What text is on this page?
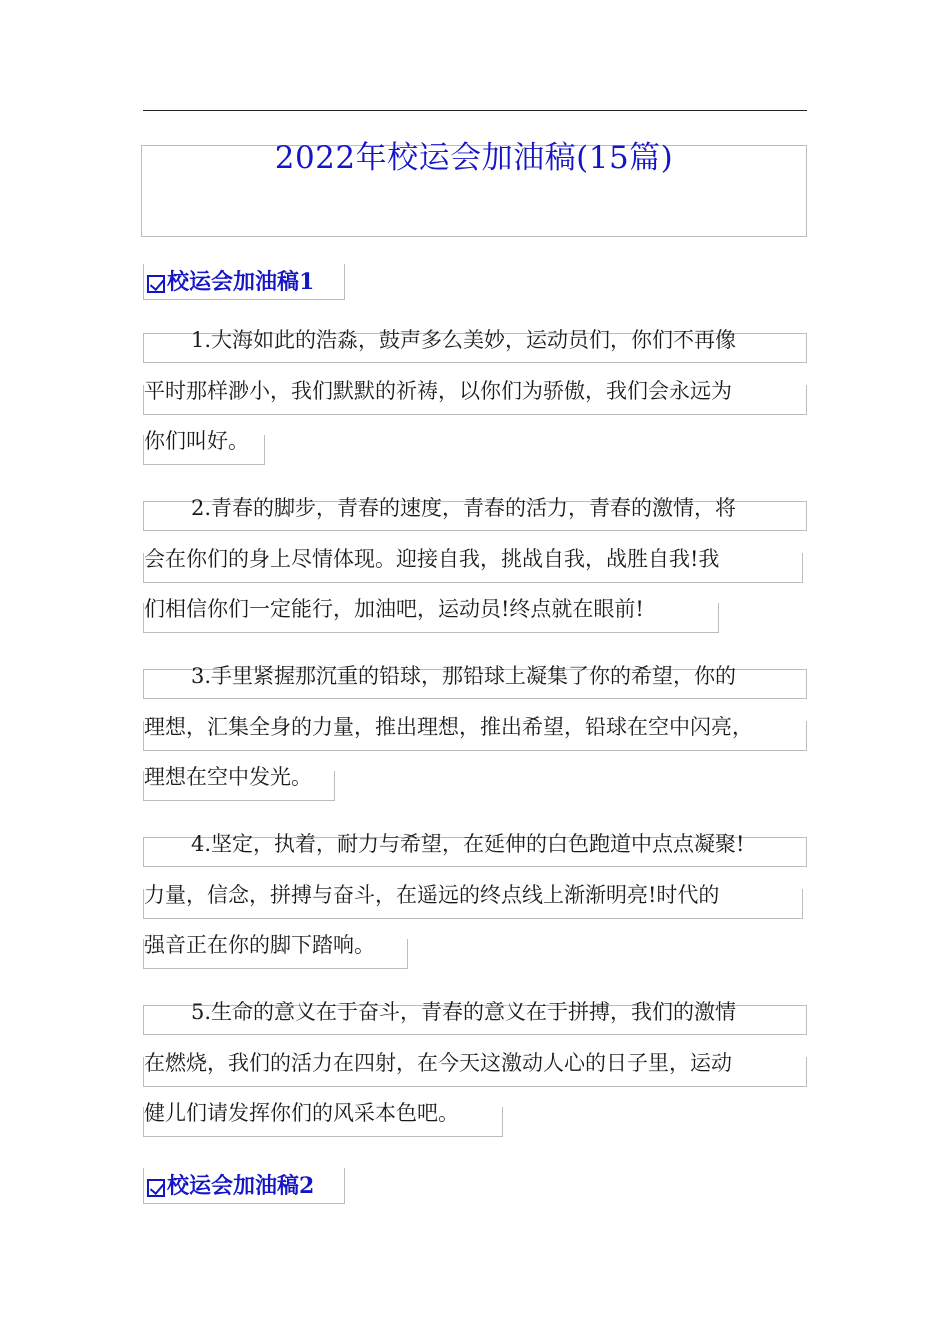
2022年校运会加油稿(15篇)
校运会加油稿1
1.大海如此的浩淼，鼓声多么美妙，运动员们，你们不再像
平时那样渺小，我们默默的祈祷，以你们为骄傲，我们会永远为
你们叫好。
2.青春的脚步，青春的速度，青春的活力，青春的激情，将
会在你们的身上尽情体现。迎接自我，挑战自我，战胜自我!我
们相信你们一定能行，加油吧，运动员!终点就在眼前!
3.手里紧握那沉重的铅球，那铅球上凝集了你的希望，你的
理想，汇集全身的力量，推出理想，推出希望，铅球在空中闪亮，
理想在空中发光。
4.坚定，执着，耐力与希望，在延伸的白色跑道中点点凝聚!
力量，信念，拼搏与奋斗，在遥远的终点线上渐渐明亮!时代的
强音正在你的脚下踏响。
5.生命的意义在于奋斗，青春的意义在于拼搏，我们的激情
在燃烧，我们的活力在四射，在今天这激动人心的日子里，运动
健儿们请发挥你们的风采本色吧。
校运会加油稿2
